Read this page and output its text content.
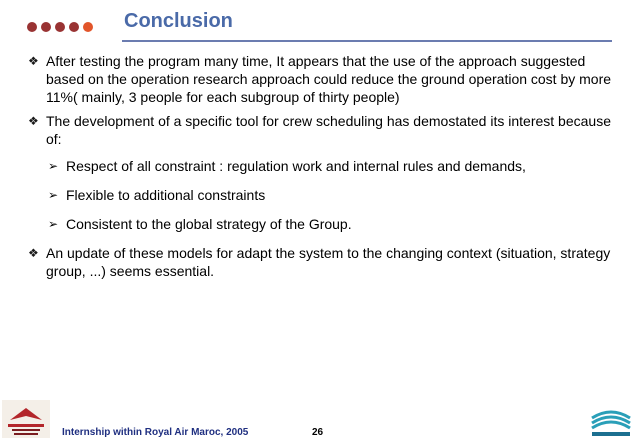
Conclusion
❖ After testing the program many time, It appears that the use of the approach suggested based on the operation research approach could reduce the ground operation cost by more 11%( mainly, 3 people for each subgroup of thirty people)
❖ The development of a specific tool for crew scheduling has demostated its interest because of:
➢ Respect of all constraint : regulation work and internal rules and demands,
➢ Flexible to additional constraints
➢ Consistent to the global strategy of the Group.
❖ An update of these models for adapt the system to the changing context (situation, strategy group, ...) seems essential.
Internship within Royal Air Maroc, 2005	26
